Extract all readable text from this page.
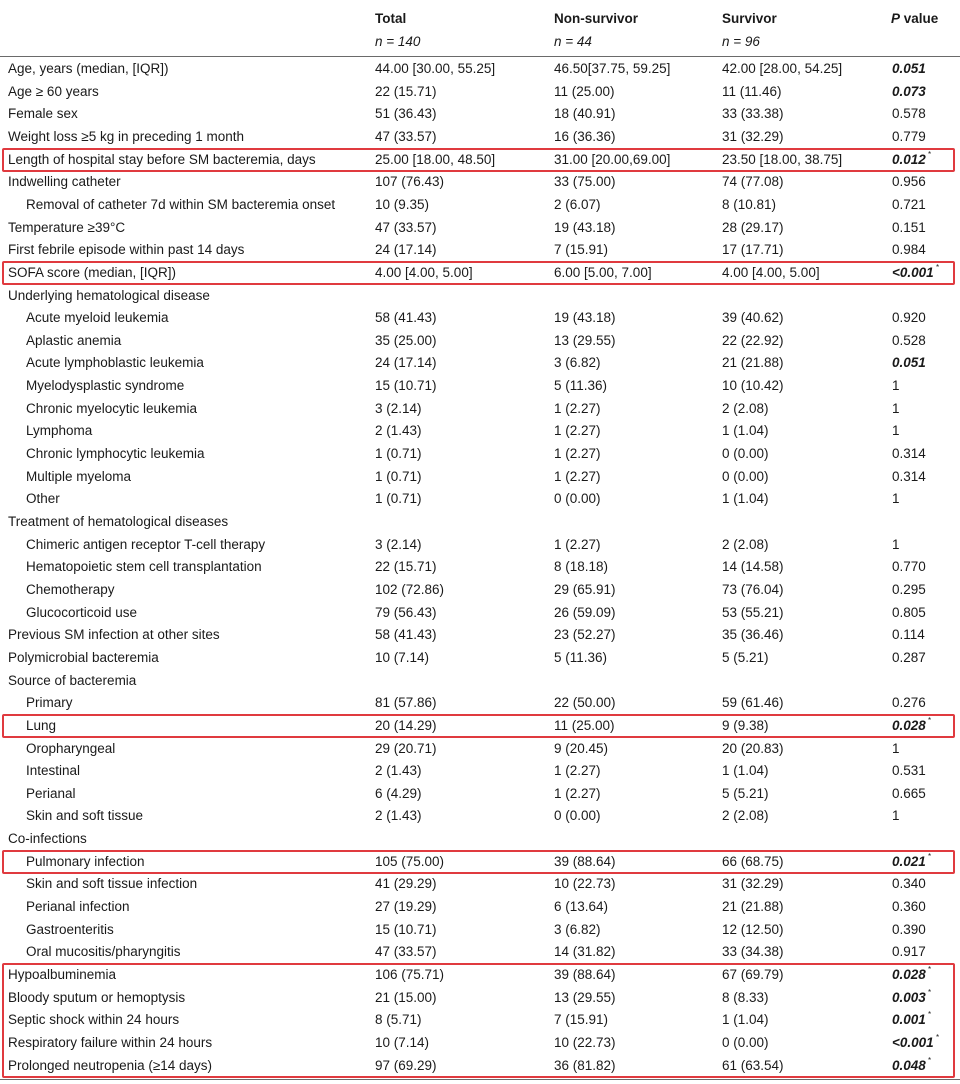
Total	Non-survivor	Survivor	P value
n = 140	n = 44	n = 96
Age, years (median, [IQR])	44.00 [30.00, 55.25]	46.50[37.75, 59.25]	42.00 [28.00, 54.25]	0.051
Age ≥ 60 years	22 (15.71)	11 (25.00)	11 (11.46)	0.073
Female sex	51 (36.43)	18 (40.91)	33 (33.38)	0.578
Weight loss ≥5 kg in preceding 1 month	47 (33.57)	16 (36.36)	31 (32.29)	0.779
Length of hospital stay before SM bacteremia, days	25.00 [18.00, 48.50]	31.00 [20.00,69.00]	23.50 [18.00, 38.75]	0.012 *
Indwelling catheter	107 (76.43)	33 (75.00)	74 (77.08)	0.956
Removal of catheter 7d within SM bacteremia onset	10 (9.35)	2 (6.07)	8 (10.81)	0.721
Temperature ≥39°C	47 (33.57)	19 (43.18)	28 (29.17)	0.151
First febrile episode within past 14 days	24 (17.14)	7 (15.91)	17 (17.71)	0.984
SOFA score (median, [IQR])	4.00 [4.00, 5.00]	6.00 [5.00, 7.00]	4.00 [4.00, 5.00]	<0.001 *
Underlying hematological disease
Acute myeloid leukemia	58 (41.43)	19 (43.18)	39 (40.62)	0.920
Aplastic anemia	35 (25.00)	13 (29.55)	22 (22.92)	0.528
Acute lymphoblastic leukemia	24 (17.14)	3 (6.82)	21 (21.88)	0.051
Myelodysplastic syndrome	15 (10.71)	5 (11.36)	10 (10.42)	1
Chronic myelocytic leukemia	3 (2.14)	1 (2.27)	2 (2.08)	1
Lymphoma	2 (1.43)	1 (2.27)	1 (1.04)	1
Chronic lymphocytic leukemia	1 (0.71)	1 (2.27)	0 (0.00)	0.314
Multiple myeloma	1 (0.71)	1 (2.27)	0 (0.00)	0.314
Other	1 (0.71)	0 (0.00)	1 (1.04)	1
Treatment of hematological diseases
Chimeric antigen receptor T-cell therapy	3 (2.14)	1 (2.27)	2 (2.08)	1
Hematopoietic stem cell transplantation	22 (15.71)	8 (18.18)	14 (14.58)	0.770
Chemotherapy	102 (72.86)	29 (65.91)	73 (76.04)	0.295
Glucocorticoid use	79 (56.43)	26 (59.09)	53 (55.21)	0.805
Previous SM infection at other sites	58 (41.43)	23 (52.27)	35 (36.46)	0.114
Polymicrobial bacteremia	10 (7.14)	5 (11.36)	5 (5.21)	0.287
Source of bacteremia
Primary	81 (57.86)	22 (50.00)	59 (61.46)	0.276
Lung	20 (14.29)	11 (25.00)	9 (9.38)	0.028 *
Oropharyngeal	29 (20.71)	9 (20.45)	20 (20.83)	1
Intestinal	2 (1.43)	1 (2.27)	1 (1.04)	0.531
Perianal	6 (4.29)	1 (2.27)	5 (5.21)	0.665
Skin and soft tissue	2 (1.43)	0 (0.00)	2 (2.08)	1
Co-infections
Pulmonary infection	105 (75.00)	39 (88.64)	66 (68.75)	0.021 *
Skin and soft tissue infection	41 (29.29)	10 (22.73)	31 (32.29)	0.340
Perianal infection	27 (19.29)	6 (13.64)	21 (21.88)	0.360
Gastroenteritis	15 (10.71)	3 (6.82)	12 (12.50)	0.390
Oral mucositis/pharyngitis	47 (33.57)	14 (31.82)	33 (34.38)	0.917
Hypoalbuminemia	106 (75.71)	39 (88.64)	67 (69.79)	0.028 *
Bloody sputum or hemoptysis	21 (15.00)	13 (29.55)	8 (8.33)	0.003 *
Septic shock within 24 hours	8 (5.71)	7 (15.91)	1 (1.04)	0.001 *
Respiratory failure within 24 hours	10 (7.14)	10 (22.73)	0 (0.00)	<0.001 *
Prolonged neutropenia (≥14 days)	97 (69.29)	36 (81.82)	61 (63.54)	0.048 *
